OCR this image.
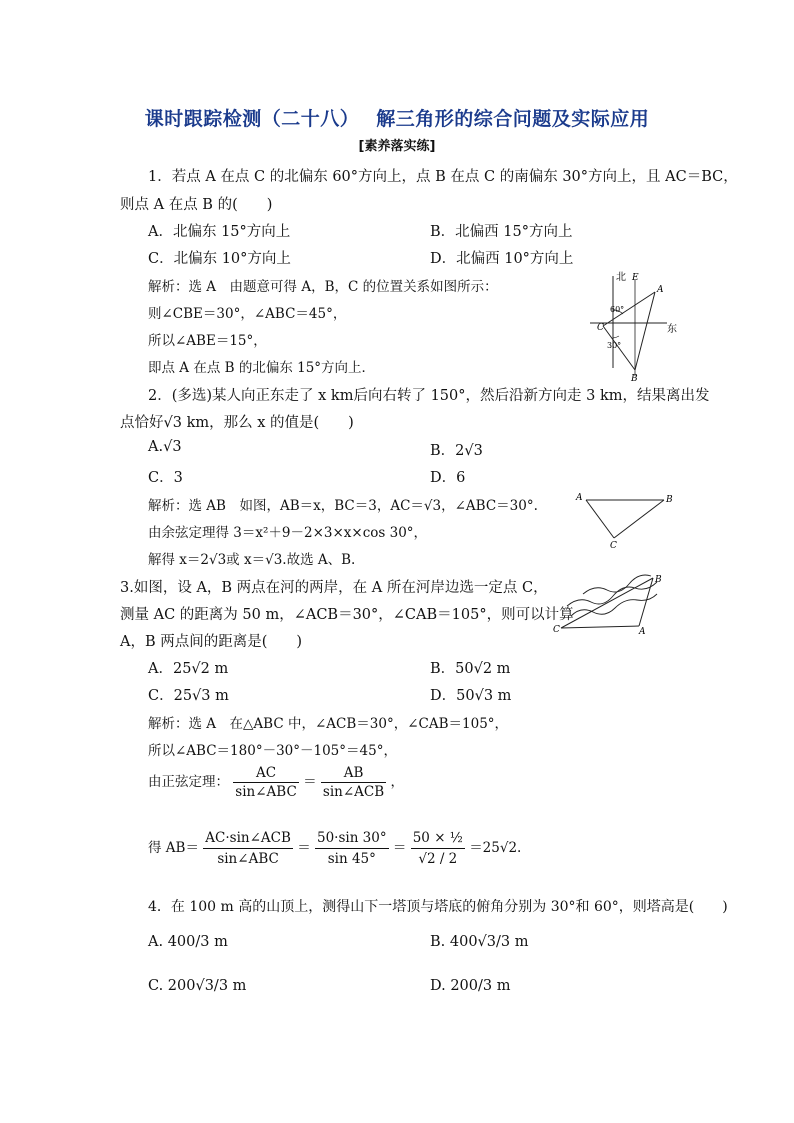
课时跟踪检测（二十八）　 解三角形的综合问题及实际应用
[素养落实练]
1．若点 A 在点 C 的北偏东 60°方向上，点 B 在点 C 的南偏东 30°方向上，且 AC＝BC，
则点 A 在点 B 的(　　)
A．北偏东 15°方向上	B．北偏西 15°方向上
C．北偏东 10°方向上	D．北偏西 10°方向上
解析：选 A　由题意可得 A，B，C 的位置关系如图所示：
则∠CBE＝30°，∠ABC＝45°，
所以∠ABE＝15°，
即点 A 在点 B 的北偏东 15°方向上．
北
东
E
A
C
B
60°
30°
2．(多选)某人向正东走了 x km后向右转了 150°，然后沿新方向走 3 km，结果离出发
点恰好√3 km，那么 x 的值是(　　)
A.√3	B．2√3
C．3	D．6
解析：选 AB　如图，AB＝x，BC＝3，AC＝√3，∠ABC＝30°.
由余弦定理得 3＝x²＋9－2×3×x×cos 30°，
解得 x＝2√3或 x＝√3.故选 A、B.
A	B
C
3.如图，设 A，B 两点在河的两岸，在 A 所在河岸边选一定点 C，
测量 AC 的距离为 50 m，∠ACB＝30°，∠CAB＝105°，则可以计算
A，B 两点间的距离是(　　)
A．25√2 m	B．50√2 m
C．25√3 m	D．50√3 m
B
C	A
解析：选 A　在△ABC 中，∠ACB＝30°，∠CAB＝105°，
所以∠ABC＝180°－30°－105°＝45°，
由正弦定理： $\frac{AC}{\text{sin∠ABC}} = \frac{AB}{\text{sin∠ACB}}$ ，
得 $AB= \frac{\text{AC·sin∠ACB}}{\text{sin∠ABC}} = \frac{50\cdot\sin 30^\circ}{\sin 45^\circ} = \frac{\text{50 × ½}}{√2 / 2} =25√2$.
4．在 100 m 高的山顶上，测得山下一塔顶与塔底的俯角分别为 30°和 60°，则塔高是(　　)
A. 400/3 m	B. 400√3/3 m
C. 200√3/3 m	D. 200/3 m
